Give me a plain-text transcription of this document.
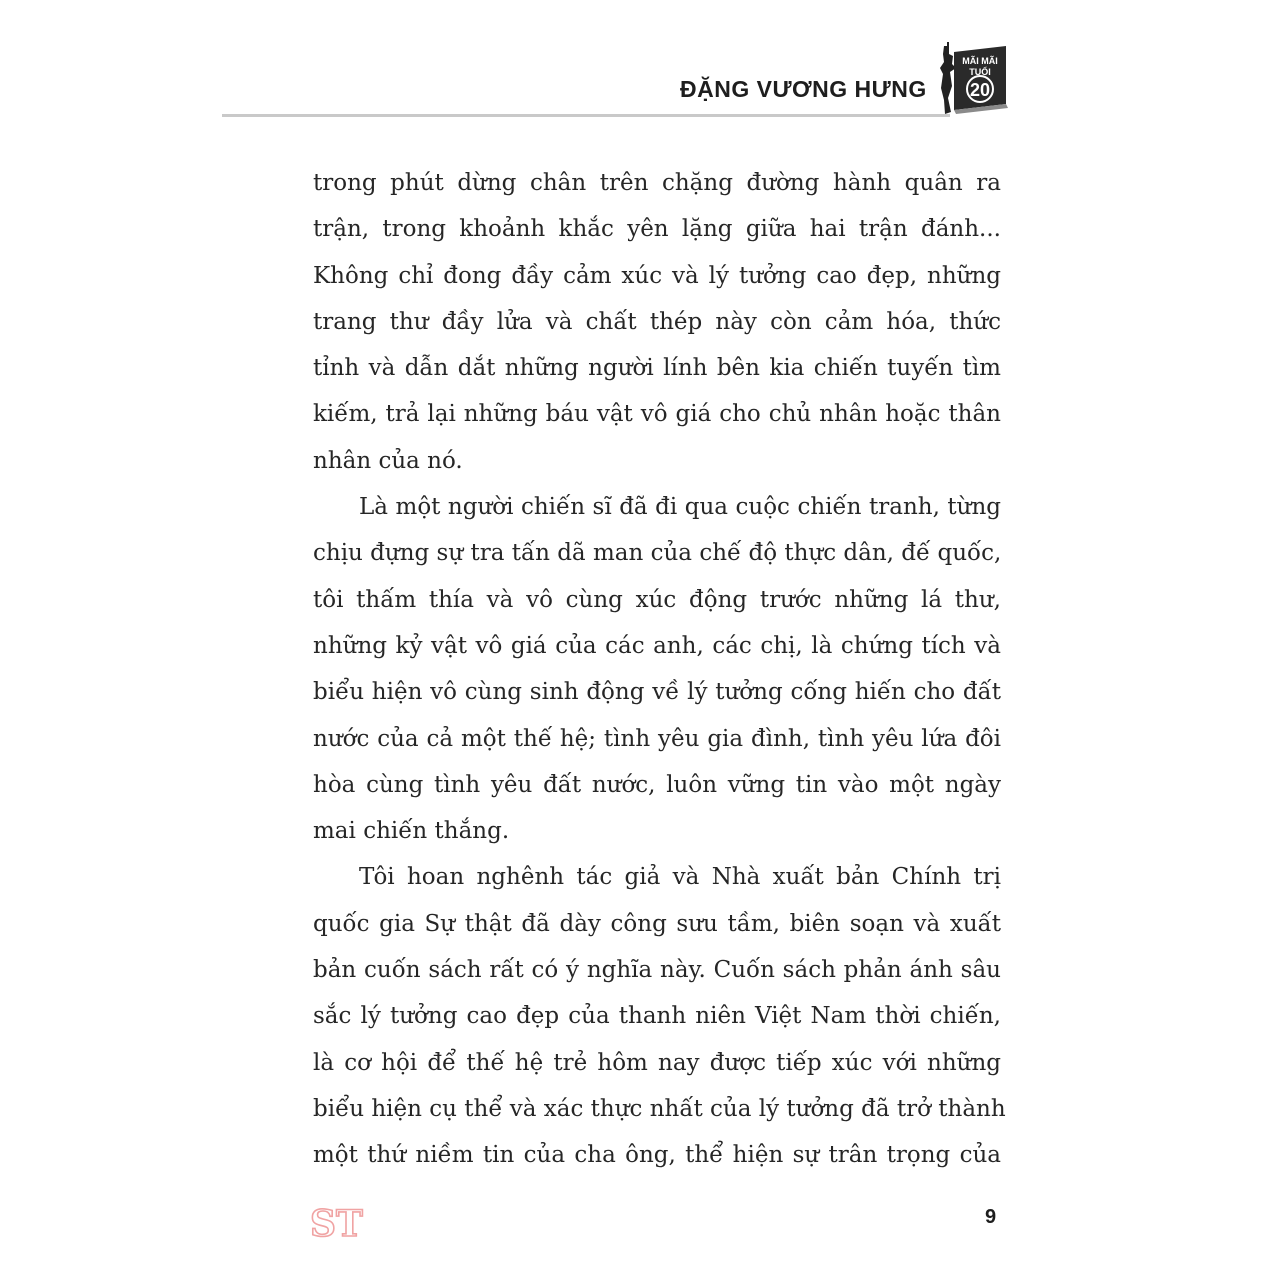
ĐẶNG VƯƠNG HƯNG
MÃI MÃI
TUỔI
20
trong phút dừng chân trên chặng đường hành quân ra
trận, trong khoảnh khắc yên lặng giữa hai trận đánh...
Không chỉ đong đầy cảm xúc và lý tưởng cao đẹp, những
trang thư đầy lửa và chất thép này còn cảm hóa, thức
tỉnh và dẫn dắt những người lính bên kia chiến tuyến tìm
kiếm, trả lại những báu vật vô giá cho chủ nhân hoặc thân
nhân của nó.
Là một người chiến sĩ đã đi qua cuộc chiến tranh, từng
chịu đựng sự tra tấn dã man của chế độ thực dân, đế quốc,
tôi thấm thía và vô cùng xúc động trước những lá thư,
những kỷ vật vô giá của các anh, các chị, là chứng tích và
biểu hiện vô cùng sinh động về lý tưởng cống hiến cho đất
nước của cả một thế hệ; tình yêu gia đình, tình yêu lứa đôi
hòa cùng tình yêu đất nước, luôn vững tin vào một ngày
mai chiến thắng.
Tôi hoan nghênh tác giả và Nhà xuất bản Chính trị
quốc gia Sự thật đã dày công sưu tầm, biên soạn và xuất
bản cuốn sách rất có ý nghĩa này. Cuốn sách phản ánh sâu
sắc lý tưởng cao đẹp của thanh niên Việt Nam thời chiến,
là cơ hội để thế hệ trẻ hôm nay được tiếp xúc với những
biểu hiện cụ thể và xác thực nhất của lý tưởng đã trở thành
một thứ niềm tin của cha ông, thể hiện sự trân trọng của
ST	9
